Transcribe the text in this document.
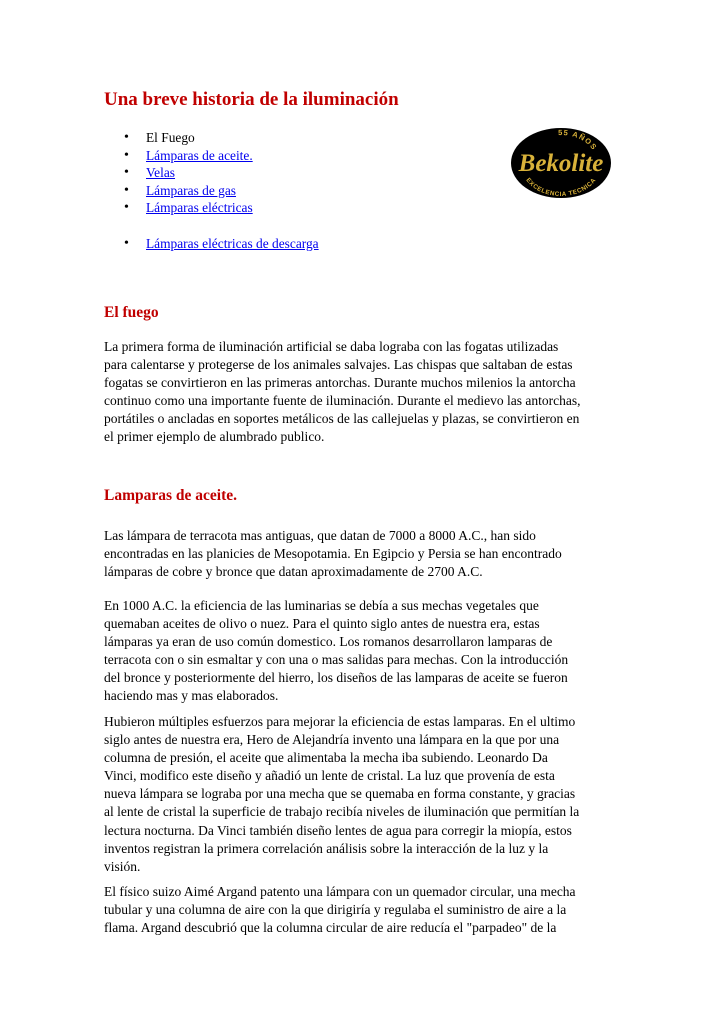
Una breve historia de la iluminación
• El Fuego
• Lámparas de aceite.
• Velas
• Lámparas de gas
• Lámparas eléctricas
• Lámparas eléctricas de descarga
55 AÑOS
Bekolite
EXCELENCIA TECNICA
El fuego
La primera forma de iluminación artificial se daba lograba con las fogatas utilizadas
para calentarse y protegerse de los animales salvajes. Las chispas que saltaban de estas
fogatas se convirtieron en las primeras antorchas. Durante muchos milenios la antorcha
continuo como una importante fuente de iluminación. Durante el medievo las antorchas,
portátiles o ancladas en soportes metálicos de las callejuelas y plazas, se convirtieron en
el primer ejemplo de alumbrado publico.
Lamparas de aceite.
Las lámpara de terracota mas antiguas, que datan de 7000 a 8000 A.C., han sido
encontradas en las planicies de Mesopotamia. En Egipcio y Persia se han encontrado
lámparas de cobre y bronce que datan aproximadamente de 2700 A.C.
En 1000 A.C. la eficiencia de las luminarias se debía a sus mechas vegetales que
quemaban aceites de olivo o nuez. Para el quinto siglo antes de nuestra era, estas
lámparas ya eran de uso común domestico. Los romanos desarrollaron lamparas de
terracota con o sin esmaltar y con una o mas salidas para mechas. Con la introducción
del bronce y posteriormente del hierro, los diseños de las lamparas de aceite se fueron
haciendo mas y mas elaborados.
Hubieron múltiples esfuerzos para mejorar la eficiencia de estas lamparas. En el ultimo
siglo antes de nuestra era, Hero de Alejandría invento una lámpara en la que por una
columna de presión, el aceite que alimentaba la mecha iba subiendo. Leonardo Da
Vinci, modifico este diseño y añadió un lente de cristal. La luz que provenía de esta
nueva lámpara se lograba por una mecha que se quemaba en forma constante, y gracias
al lente de cristal la superficie de trabajo recibía niveles de iluminación que permitían la
lectura nocturna. Da Vinci también diseño lentes de agua para corregir la miopía, estos
inventos registran la primera correlación análisis sobre la interacción de la luz y la
visión.
El físico suizo Aimé Argand patento una lámpara con un quemador circular, una mecha
tubular y una columna de aire con la que dirigiría y regulaba el suministro de aire a la
flama. Argand descubrió que la columna circular de aire reducía el "parpadeo" de la
